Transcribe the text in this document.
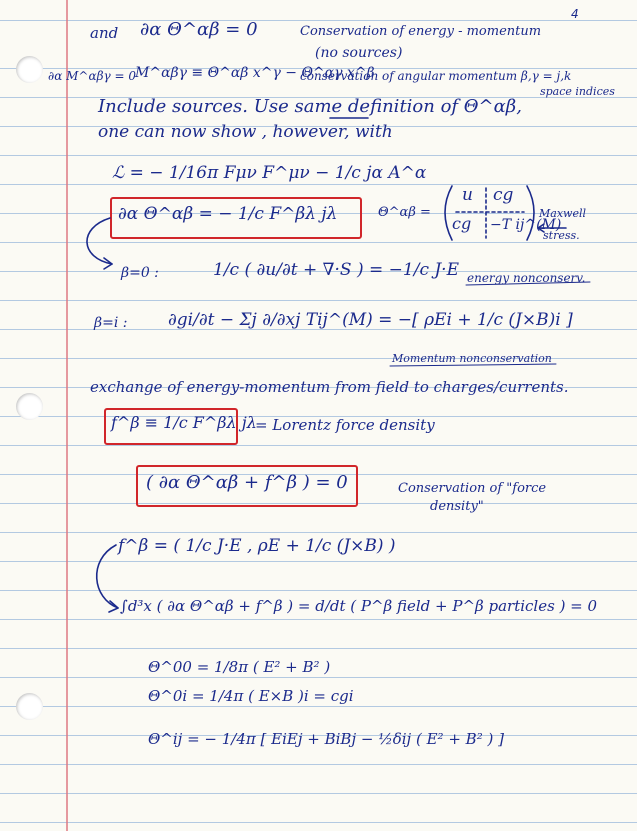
4
and ∂α Θ^αβ = 0	Conservation of energy - momentum
(no sources)
∂α M^αβγ = 0 M^αβγ ≡ Θ^αβ x^γ − Θ^αγ x^β
conservation of angular momentum β,γ = j,k
space indices
Include sources. Use same definition of Θ^αβ,
one can now show , however, with
ℒ = − 1/16π Fμν F^μν − 1/c jα A^α
∂α Θ^αβ = − 1/c F^βλ jλ	Θ^αβ =
u cg
cg −T ij^(M)
Maxwell
stress.
β=0 :	1/c ( ∂u/∂t + ∇·S ) = −1/c J·E energy nonconserv.
β=i : ∂gi/∂t − Σj ∂/∂xj Tij^(M) = −[ ρEi + 1/c (J×B)i ]
Momentum nonconservation
exchange of energy-momentum from field to charges/currents.
f^β ≡ 1/c F^βλ jλ
= Lorentz force density
( ∂α Θ^αβ + f^β ) = 0	Conservation of "force
density"
f^β = ( 1/c J·E , ρE + 1/c (J×B) )
∫d³x ( ∂α Θ^αβ + f^β ) = d/dt ( P^β field + P^β particles ) = 0
Θ^00 = 1/8π ( E² + B² )
Θ^0i = 1/4π ( E×B )i = cgi
Θ^ij = − 1/4π [ EiEj + BiBj − ½δij ( E² + B² ) ]
